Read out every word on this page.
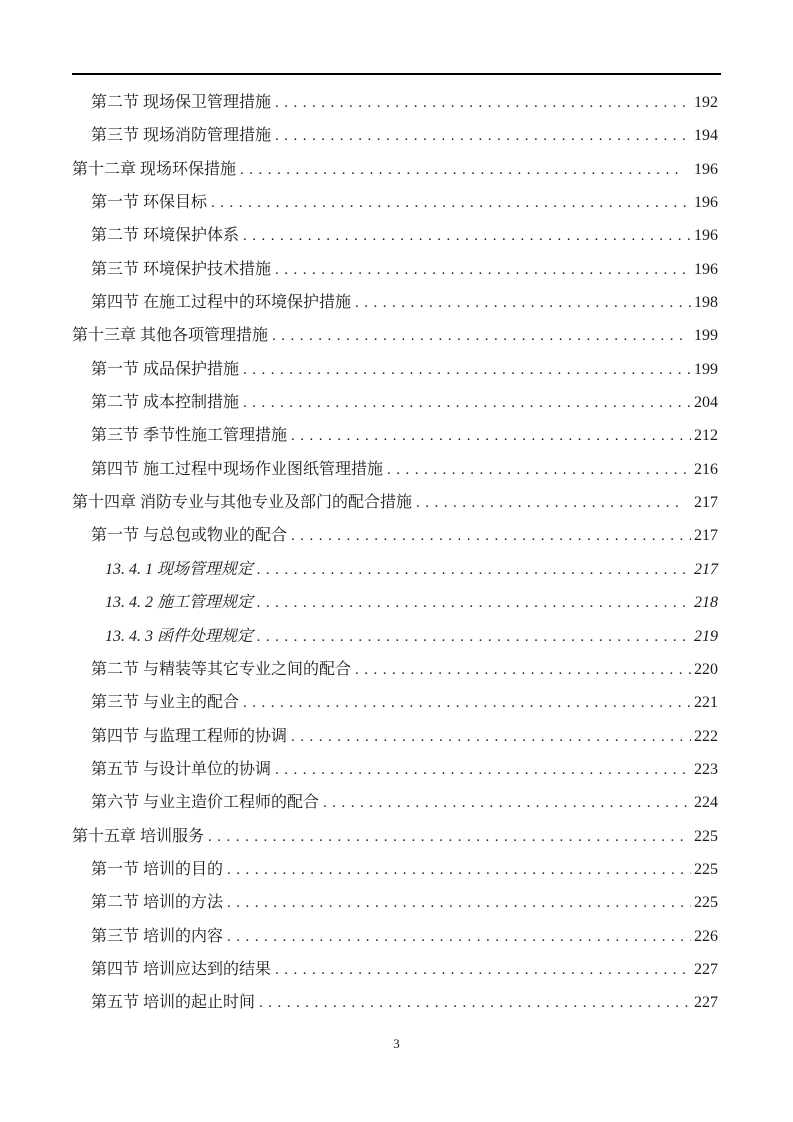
第二节 现场保卫管理措施 .....	192
第三节 现场消防管理措施 .....	194
第十二章 现场环保措施 .....	196
第一节 环保目标 .....	196
第二节 环境保护体系 .....	196
第三节 环境保护技术措施 .....	196
第四节 在施工过程中的环境保护措施 .....	198
第十三章 其他各项管理措施 .....	199
第一节 成品保护措施 .....	199
第二节 成本控制措施 .....	204
第三节 季节性施工管理措施 .....	212
第四节 施工过程中现场作业图纸管理措施 .....	216
第十四章 消防专业与其他专业及部门的配合措施 .....	217
第一节 与总包或物业的配合 .....	217
13. 4. 1 现场管理规定 .....	217
13. 4. 2 施工管理规定 .....	218
13. 4. 3 函件处理规定 .....	219
第二节 与精装等其它专业之间的配合 .....	220
第三节 与业主的配合 .....	221
第四节 与监理工程师的协调 .....	222
第五节 与设计单位的协调 .....	223
第六节 与业主造价工程师的配合 .....	224
第十五章 培训服务 .....	225
第一节 培训的目的 .....	225
第二节 培训的方法 .....	225
第三节 培训的内容 .....	226
第四节 培训应达到的结果 .....	227
第五节 培训的起止时间 .....	227
3
